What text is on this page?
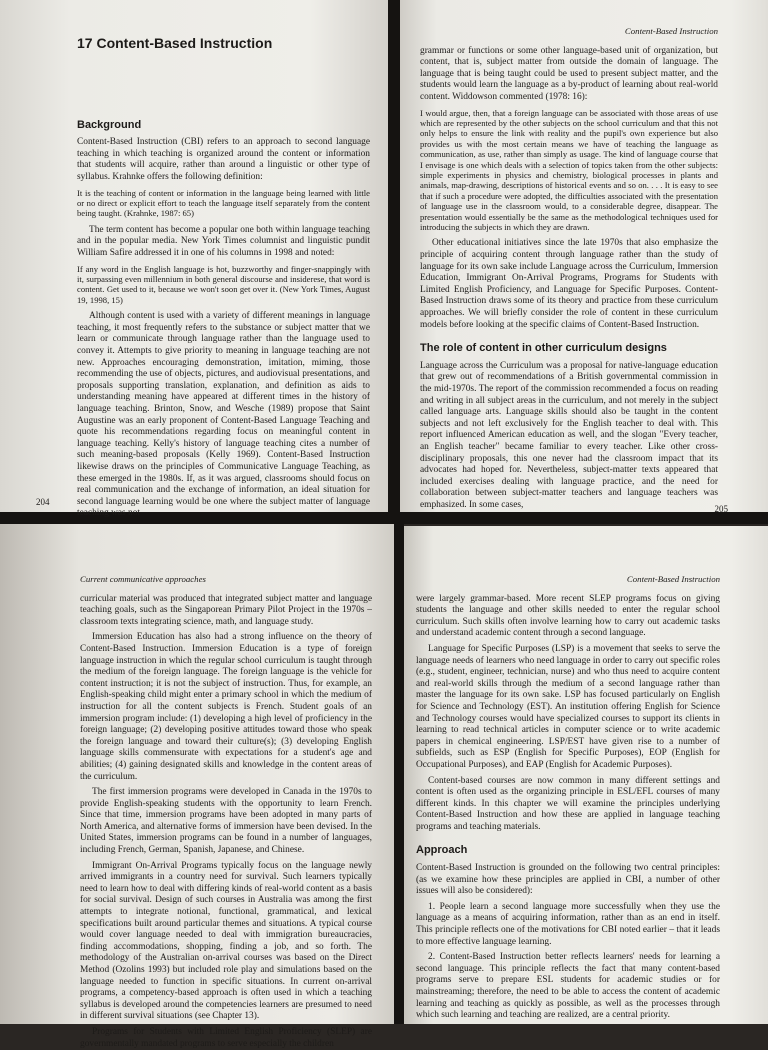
17 Content-Based Instruction
Background

Content-Based Instruction (CBI) refers to an approach to second language teaching in which teaching is organized around the content or information that students will acquire, rather than around a linguistic or other type of syllabus. Krahnke offers the following definition:

It is the teaching of content or information in the language being learned with little or no direct or explicit effort to teach the language itself separately from the content being taught. (Krahnke, 1987: 65)

The term content has become a popular one both within language teaching and in the popular media. New York Times columnist and linguistic pundit William Safire addressed it in one of his columns in 1998 and noted:

If any word in the English language is hot, buzzworthy and finger-snappingly with it, surpassing even millennium in both general discourse and insiderese, that word is content. Get used to it, because we won't soon get over it. (New York Times, August 19, 1998, 15)

Although content is used with a variety of different meanings in language teaching, it most frequently refers to the substance or subject matter that we learn or communicate through language rather than the language used to convey it. Attempts to give priority to meaning in language teaching are not new. Approaches encouraging demonstration, imitation, miming, those recommending the use of objects, pictures, and audiovisual presentations, and proposals supporting translation, explanation, and definition as aids to understanding meaning have appeared at different times in the history of language teaching. Brinton, Snow, and Wesche (1989) propose that Saint Augustine was an early proponent of Content-Based Language Teaching and quote his recommendations regarding focus on meaningful content in language teaching. Kelly's history of language teaching cites a number of such meaning-based proposals (Kelly 1969). Content-Based Instruction likewise draws on the principles of Communicative Language Teaching, as these emerged in the 1980s. If, as it was argued, classrooms should focus on real communication and the exchange of information, an ideal situation for second language learning would be one where the subject matter of language teaching was not

204
Content-Based Instruction

grammar or functions or some other language-based unit of organization, but content, that is, subject matter from outside the domain of language. The language that is being taught could be used to present subject matter, and the students would learn the language as a by-product of learning about real-world content. Widdowson commented (1978: 16):

I would argue, then, that a foreign language can be associated with those areas of use which are represented by the other subjects on the school curriculum and that this not only helps to ensure the link with reality and the pupil's own experience but also provides us with the most certain means we have of teaching the language as communication, as use, rather than simply as usage. The kind of language course that I envisage is one which deals with a selection of topics taken from the other subjects: simple experiments in physics and chemistry, biological processes in plants and animals, map-drawing, descriptions of historical events and so on. . . . It is easy to see that if such a procedure were adopted, the difficulties associated with the presentation of language use in the classroom would, to a considerable degree, disappear. The presentation would essentially be the same as the methodological techniques used for introducing the subjects in which they are drawn.

Other educational initiatives since the late 1970s that also emphasize the principle of acquiring content through language rather than the study of language for its own sake include Language across the Curriculum, Immersion Education, Immigrant On-Arrival Programs, Programs for Students with Limited English Proficiency, and Language for Specific Purposes. Content-Based Instruction draws some of its theory and practice from these curriculum approaches. We will briefly consider the role of content in these curriculum models before looking at the specific claims of Content-Based Instruction.

The role of content in other curriculum designs

Language across the Curriculum was a proposal for native-language education that grew out of recommendations of a British governmental commission in the mid-1970s. The report of the commission recommended a focus on reading and writing in all subject areas in the curriculum, and not merely in the subject called language arts. Language skills should also be taught in the content subjects and not left exclusively for the English teacher to deal with. This report influenced American education as well, and the slogan "Every teacher, an English teacher" became familiar to every teacher. Like other cross-disciplinary proposals, this one never had the classroom impact that its advocates had hoped for. Nevertheless, subject-matter texts appeared that included exercises dealing with language practice, and the need for collaboration between subject-matter teachers and language teachers was emphasized. In some cases,	205
Current communicative approaches

curricular material was produced that integrated subject matter and language teaching goals, such as the Singaporean Primary Pilot Project in the 1970s – classroom texts integrating science, math, and language study.

Immersion Education has also had a strong influence on the theory of Content-Based Instruction. Immersion Education is a type of foreign language instruction in which the regular school curriculum is taught through the medium of the foreign language. The foreign language is the vehicle for content instruction; it is not the subject of instruction. Thus, for example, an English-speaking child might enter a primary school in which the medium of instruction for all the content subjects is French. Student goals of an immersion program include: (1) developing a high level of proficiency in the foreign language; (2) developing positive attitudes toward those who speak the foreign language and toward their culture(s); (3) developing English language skills commensurate with expectations for a student's age and abilities; (4) gaining designated skills and knowledge in the content areas of the curriculum.

The first immersion programs were developed in Canada in the 1970s to provide English-speaking students with the opportunity to learn French. Since that time, immersion programs have been adopted in many parts of North America, and alternative forms of immersion have been devised. In the United States, immersion programs can be found in a number of languages, including French, German, Spanish, Japanese, and Chinese.

Immigrant On-Arrival Programs typically focus on the language newly arrived immigrants in a country need for survival. Such learners typically need to learn how to deal with differing kinds of real-world content as a basis for social survival. Design of such courses in Australia was among the first attempts to integrate notional, functional, grammatical, and lexical specifications built around particular themes and situations. A typical course would cover language needed to deal with immigration bureaucracies, finding accommodations, shopping, finding a job, and so forth. The methodology of the Australian on-arrival courses was based on the Direct Method (Ozolins 1993) but included role play and simulations based on the language needed to function in specific situations. In current on-arrival programs, a competency-based approach is often used in which a teaching syllabus is developed around the competencies learners are presumed to need in different survival situations (see Chapter 13).

Programs for Students with Limited English Proficiency (SLEP) are governmentally mandated programs to serve especially the children

Content-Based Instruction

were largely grammar-based. More recent SLEP programs focus on giving students the language and other skills needed to enter the regular school curriculum. Such skills often involve learning how to carry out academic tasks and understand academic content through a second language.

Language for Specific Purposes (LSP) is a movement that seeks to serve the language needs of learners who need language in order to carry out specific roles (e.g., student, engineer, technician, nurse) and who thus need to acquire content and real-world skills through the medium of a second language rather than master the language for its own sake. LSP has focused particularly on English for Science and Technology (EST). An institution offering English for Science and Technology courses would have specialized courses to support its clients in learning to read technical articles in computer science or to write academic papers in chemical engineering. LSP/EST have given rise to a number of subfields, such as ESP (English for Specific Purposes), EOP (English for Occupational Purposes), and EAP (English for Academic Purposes).

Content-based courses are now common in many different settings and content is often used as the organizing principle in ESL/EFL courses of many different kinds. In this chapter we will examine the principles underlying Content-Based Instruction and how these are applied in language teaching programs and teaching materials.

Approach

Content-Based Instruction is grounded on the following two central principles: (as we examine how these principles are applied in CBI, a number of other issues will also be considered):

1. People learn a second language more successfully when they use the language as a means of acquiring information, rather than as an end in itself. This principle reflects one of the motivations for CBI noted earlier – that it leads to more effective language learning.

2. Content-Based Instruction better reflects learners' needs for learning a second language. This principle reflects the fact that many content-based programs serve to prepare ESL students for academic studies or for mainstreaming; therefore, the need to be able to access the content of academic learning and teaching as quickly as possible, as well as the processes through which such learning and teaching are realized, are a central priority.
